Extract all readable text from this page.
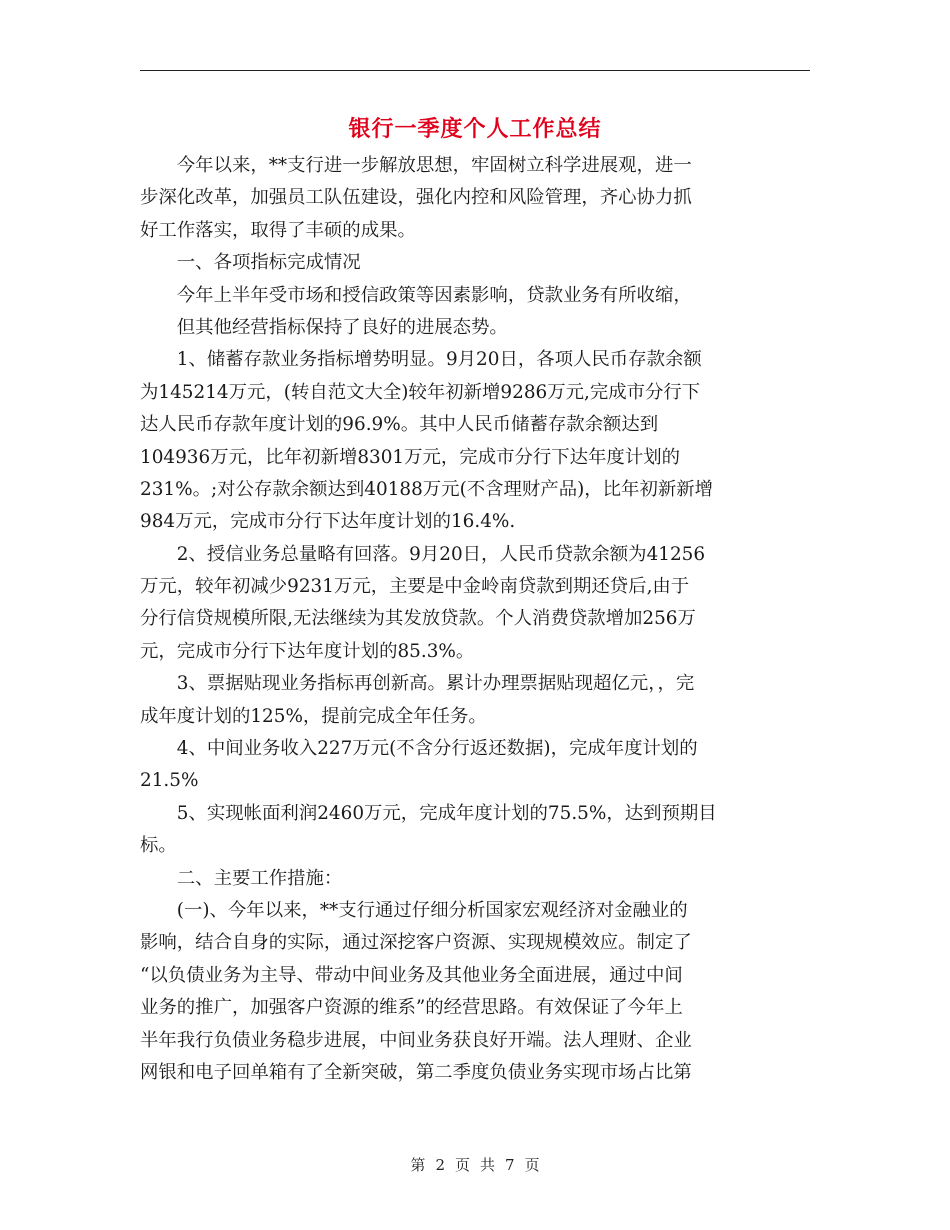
银行一季度个人工作总结
　　今年以来，**支行进一步解放思想，牢固树立科学进展观，进一
步深化改革，加强员工队伍建设，强化内控和风险管理，齐心协力抓
好工作落实，取得了丰硕的成果。
　　一、各项指标完成情况
　　今年上半年受市场和授信政策等因素影响，贷款业务有所收缩，
　　但其他经营指标保持了良好的进展态势。
　　1、储蓄存款业务指标增势明显。9月20日，各项人民币存款余额
为145214万元，(转自范文大全)较年初新增9286万元,完成市分行下
达人民币存款年度计划的96.9%。其中人民币储蓄存款余额达到
104936万元，比年初新增8301万元，完成市分行下达年度计划的
231%。;对公存款余额达到40188万元(不含理财产品)，比年初新新增
984万元，完成市分行下达年度计划的16.4%.
　　2、授信业务总量略有回落。9月20日，人民币贷款余额为41256
万元，较年初减少9231万元，主要是中金岭南贷款到期还贷后,由于
分行信贷规模所限,无法继续为其发放贷款。个人消费贷款增加256万
元，完成市分行下达年度计划的85.3%。
　　3、票据贴现业务指标再创新高。累计办理票据贴现超亿元，，完
成年度计划的125%，提前完成全年任务。
　　4、中间业务收入227万元(不含分行返还数据)，完成年度计划的
21.5%
　　5、实现帐面利润2460万元，完成年度计划的75.5%，达到预期目
标。
　　二、主要工作措施：
　　(一)、今年以来，**支行通过仔细分析国家宏观经济对金融业的
影响，结合自身的实际，通过深挖客户资源、实现规模效应。制定了
“以负债业务为主导、带动中间业务及其他业务全面进展，通过中间
业务的推广，加强客户资源的维系”的经营思路。有效保证了今年上
半年我行负债业务稳步进展，中间业务获良好开端。法人理财、企业
网银和电子回单箱有了全新突破，第二季度负债业务实现市场占比第
第 2 页 共 7 页
